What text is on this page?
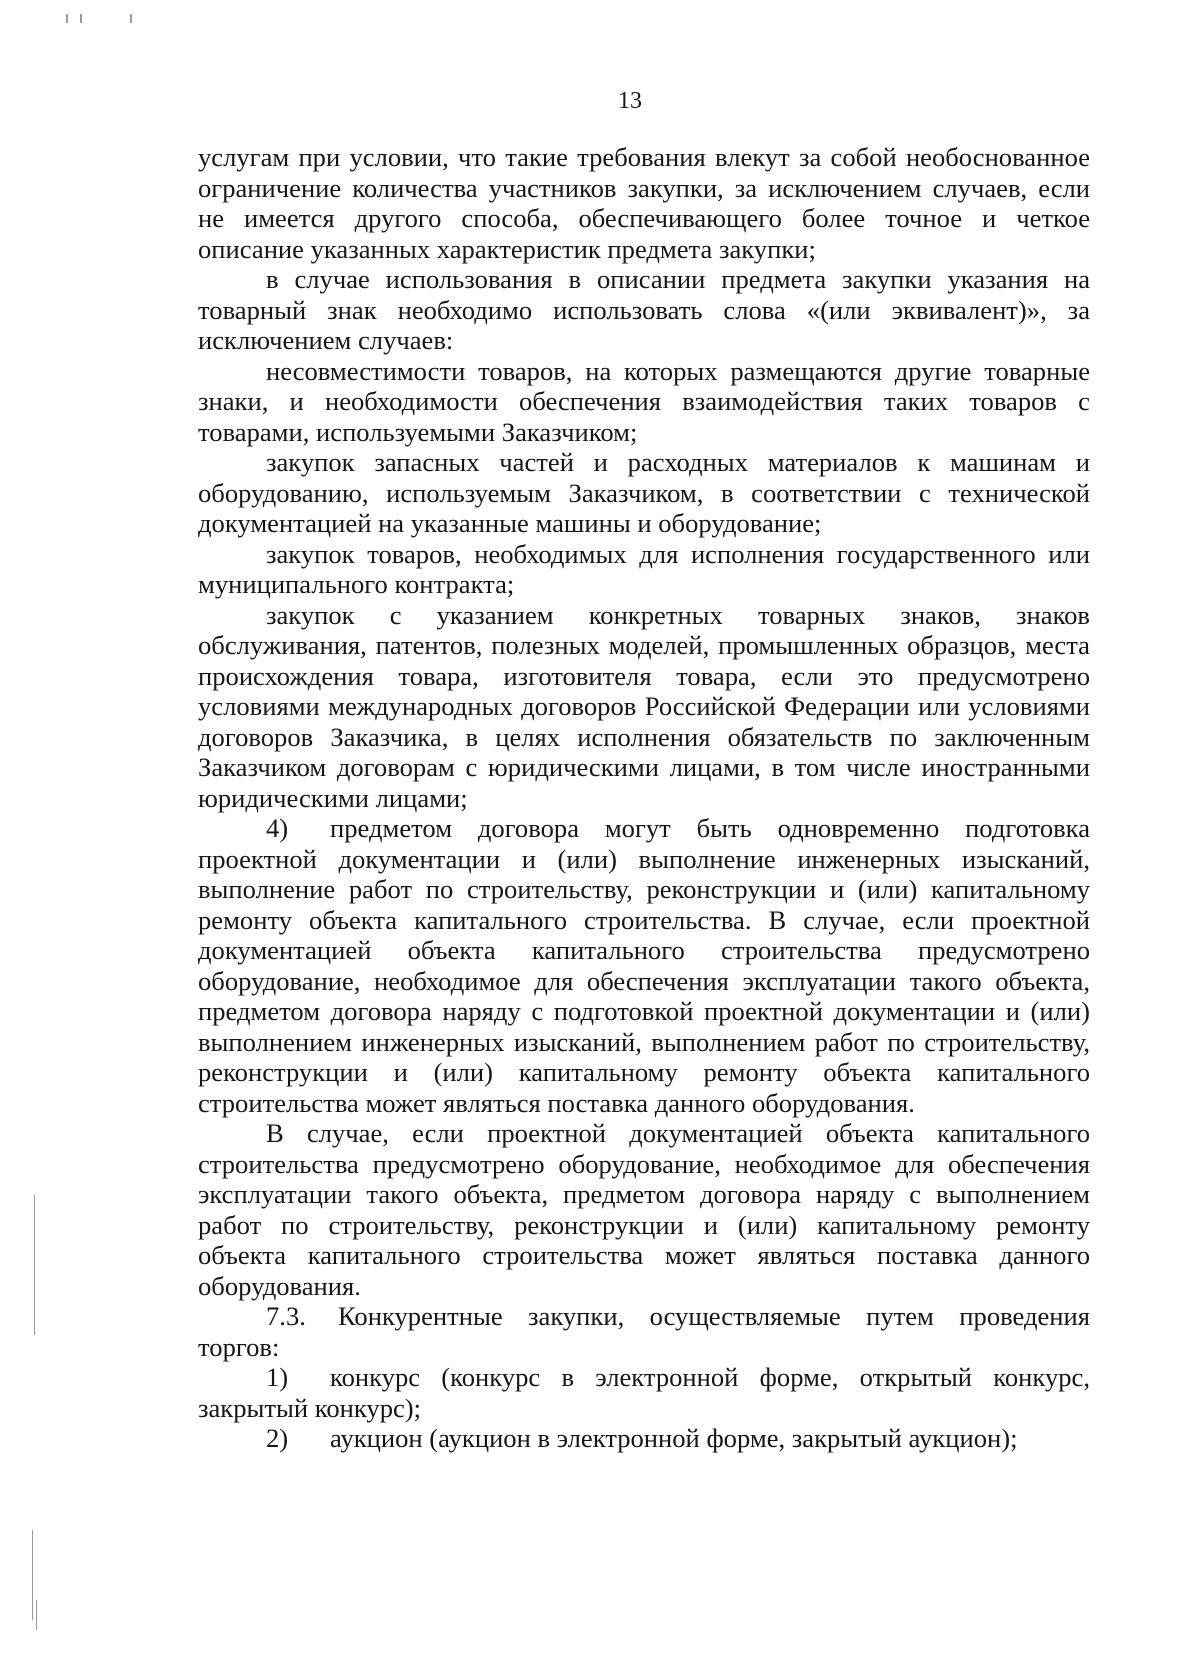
13

услугам при условии, что такие требования влекут за собой необоснованное ограничение количества участников закупки, за исключением случаев, если не имеется другого способа, обеспечивающего более точное и четкое описание указанных характеристик предмета закупки;

в случае использования в описании предмета закупки указания на товарный знак необходимо использовать слова «(или эквивалент)», за исключением случаев:

несовместимости товаров, на которых размещаются другие товарные знаки, и необходимости обеспечения взаимодействия таких товаров с товарами, используемыми Заказчиком;

закупок запасных частей и расходных материалов к машинам и оборудованию, используемым Заказчиком, в соответствии с технической документацией на указанные машины и оборудование;

закупок товаров, необходимых для исполнения государственного или муниципального контракта;

закупок с указанием конкретных товарных знаков, знаков обслуживания, патентов, полезных моделей, промышленных образцов, места происхождения товара, изготовителя товара, если это предусмотрено условиями международных договоров Российской Федерации или условиями договоров Заказчика, в целях исполнения обязательств по заключенным Заказчиком договорам с юридическими лицами, в том числе иностранными юридическими лицами;

4) предметом договора могут быть одновременно подготовка проектной документации и (или) выполнение инженерных изысканий, выполнение работ по строительству, реконструкции и (или) капитальному ремонту объекта капитального строительства. В случае, если проектной документацией объекта капитального строительства предусмотрено оборудование, необходимое для обеспечения эксплуатации такого объекта, предметом договора наряду с подготовкой проектной документации и (или) выполнением инженерных изысканий, выполнением работ по строительству, реконструкции и (или) капитальному ремонту объекта капитального строительства может являться поставка данного оборудования.

В случае, если проектной документацией объекта капитального строительства предусмотрено оборудование, необходимое для обеспечения эксплуатации такого объекта, предметом договора наряду с выполнением работ по строительству, реконструкции и (или) капитальному ремонту объекта капитального строительства может являться поставка данного оборудования.

7.3. Конкурентные закупки, осуществляемые путем проведения торгов:

1) конкурс (конкурс в электронной форме, открытый конкурс, закрытый конкурс);

2) аукцион (аукцион в электронной форме, закрытый аукцион);
